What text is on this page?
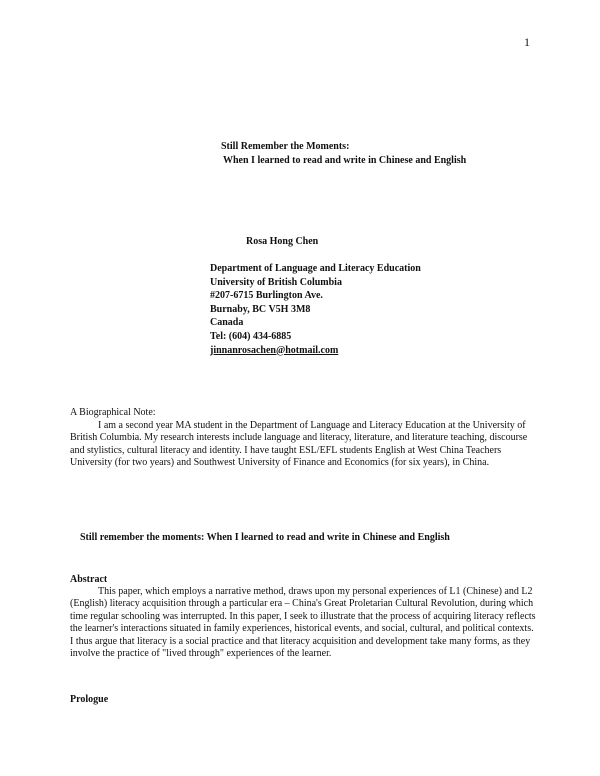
1
Still Remember the Moments:
When I learned to read and write in Chinese and English
Rosa Hong Chen
Department of Language and Literacy Education
University of British Columbia
#207-6715 Burlington Ave.
Burnaby, BC V5H 3M8
Canada
Tel: (604) 434-6885
jinnanrosachen@hotmail.com
A Biographical Note:

I am a second year MA student in the Department of Language and Literacy Education at the University of British Columbia. My research interests include language and literacy, literature, and literature teaching, discourse and stylistics, cultural literacy and identity. I have taught ESL/EFL students English at West China Teachers University (for two years) and Southwest University of Finance and Economics (for six years), in China.

Still remember the moments: When I learned to read and write in Chinese and English
Abstract

This paper, which employs a narrative method, draws upon my personal experiences of L1 (Chinese) and L2 (English) literacy acquisition through a particular era – China's Great Proletarian Cultural Revolution, during which time regular schooling was interrupted. In this paper, I seek to illustrate that the process of acquiring literacy reflects the learner's interactions situated in family experiences, historical events, and social, cultural, and political contexts. I thus argue that literacy is a social practice and that literacy acquisition and development take many forms, as they involve the practice of "lived through" experiences of the learner.

Prologue
